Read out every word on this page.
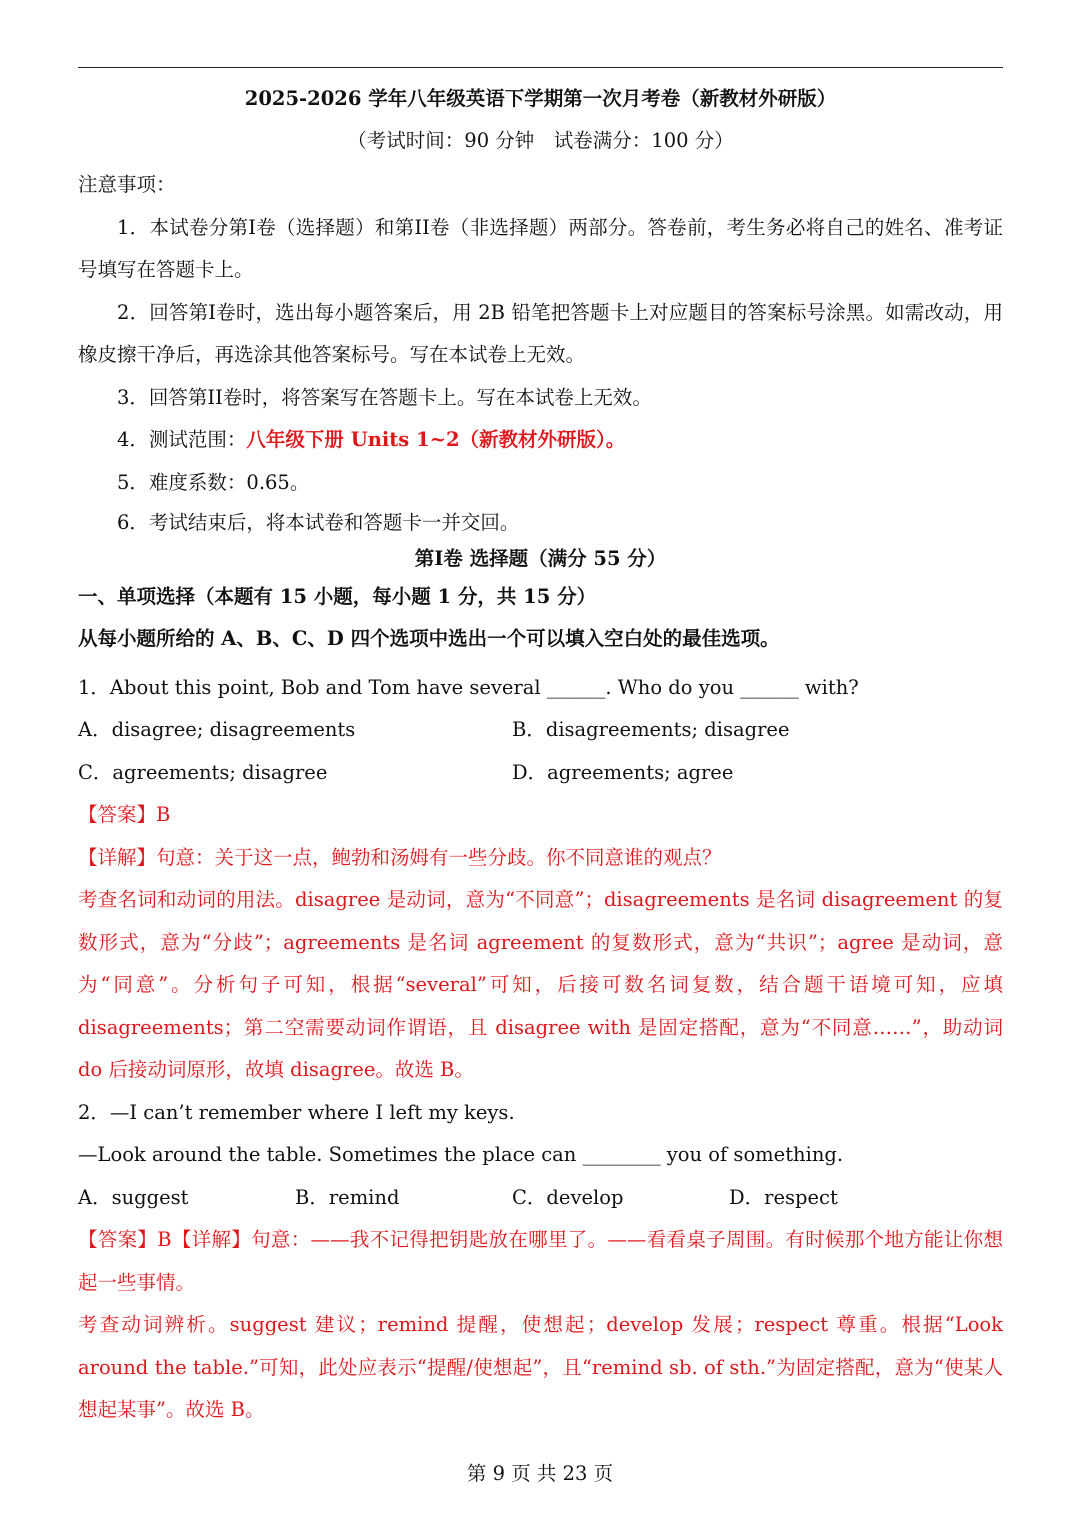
2025-2026 学年八年级英语下学期第一次月考卷（新教材外研版）

（考试时间：90 分钟　试卷满分：100 分）

注意事项：

1．本试卷分第I卷（选择题）和第II卷（非选择题）两部分。答卷前，考生务必将自己的姓名、准考证号填写在答题卡上。

2．回答第I卷时，选出每小题答案后，用 2B 铅笔把答题卡上对应题目的答案标号涂黑。如需改动，用橡皮擦干净后，再选涂其他答案标号。写在本试卷上无效。

3．回答第II卷时，将答案写在答题卡上。写在本试卷上无效。

4．测试范围：八年级下册 Units 1~2（新教材外研版）。

5．难度系数：0.65。

6．考试结束后，将本试卷和答题卡一并交回。

第I卷 选择题（满分 55 分）

一、单项选择（本题有 15 小题，每小题 1 分，共 15 分）

从每小题所给的 A、B、C、D 四个选项中选出一个可以填入空白处的最佳选项。

1．About this point, Bob and Tom have several ______. Who do you ______ with?

A．disagree; disagreements	B．disagreements; disagree
C．agreements; disagree	D．agreements; agree

【答案】B

【详解】句意：关于这一点，鲍勃和汤姆有一些分歧。你不同意谁的观点？

考查名词和动词的用法。disagree 是动词，意为“不同意”；disagreements 是名词 disagreement 的复数形式，意为“分歧”；agreements 是名词 agreement 的复数形式，意为“共识”；agree 是动词，意为“同意”。分析句子可知，根据“several”可知，后接可数名词复数，结合题干语境可知，应填 disagreements；第二空需要动词作谓语，且 disagree with 是固定搭配，意为“不同意……”，助动词 do 后接动词原形，故填 disagree。故选 B。

2．—I can’t remember where I left my keys.

—Look around the table. Sometimes the place can ________ you of something.

A．suggest	B．remind	C．develop	D．respect

【答案】B【详解】句意：——我不记得把钥匙放在哪里了。——看看桌子周围。有时候那个地方能让你想起一些事情。

考查动词辨析。suggest 建议；remind 提醒，使想起；develop 发展；respect 尊重。根据“Look around the table.”可知，此处应表示“提醒/使想起”，且“remind sb. of sth.”为固定搭配，意为“使某人想起某事”。故选 B。

第 9 页 共 23 页
